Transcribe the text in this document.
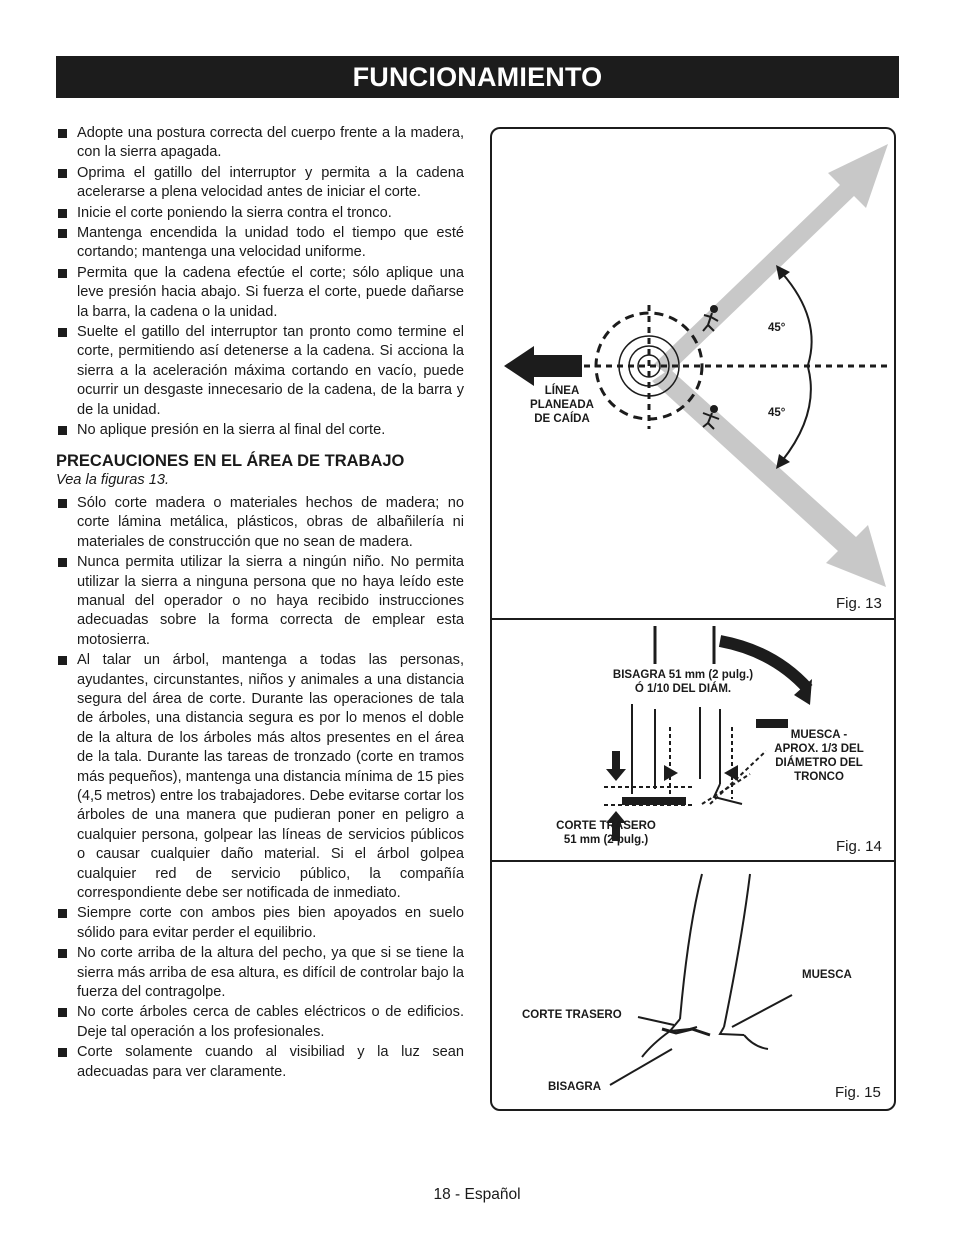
FUNCIONAMIENTO
Adopte una postura correcta del cuerpo frente a la madera, con la sierra apagada.
Oprima el gatillo del interruptor y permita a la cadena acelerarse a plena velocidad antes de iniciar el corte.
Inicie el corte poniendo la sierra contra el tronco.
Mantenga encendida la unidad todo el tiempo que esté cortando; mantenga una velocidad uniforme.
Permita que la cadena efectúe el corte; sólo aplique una leve presión hacia abajo. Si fuerza el corte, puede dañarse la barra, la cadena o la unidad.
Suelte el gatillo del interruptor tan pronto como termine el corte, permitiendo así detenerse a la cadena. Si acciona la sierra a la aceleración máxima cortando en vacío, puede ocurrir un desgaste innecesario de la cadena, de la barra y de la unidad.
No aplique presión en la sierra al final del corte.
PRECAUCIONES EN EL ÁREA DE TRABAJO

Vea la figuras 13.

Sólo corte madera o materiales hechos de madera; no corte lámina metálica, plásticos, obras de albañilería ni materiales de construcción que no sean de madera.
Nunca permita utilizar la sierra a ningún niño. No permita utilizar la sierra a ninguna persona que no haya leído este manual del operador o no haya recibido instrucciones adecuadas sobre la forma correcta de emplear esta motosierra.
Al talar un árbol, mantenga a todas las personas, ayudantes, circunstantes, niños y animales a una distancia segura del área de corte. Durante las operaciones de tala de árboles, una distancia segura es por lo menos el doble de la altura de los árboles más altos presentes en el área de la tala. Durante las tareas de tronzado (corte en tramos más pequeños), mantenga una distancia mínima de 15 pies (4,5 metros) entre los trabajadores. Debe evitarse cortar los árboles de una manera que pudieran poner en peligro a cualquier persona, golpear las líneas de servicios públicos o causar cualquier daño material. Si el árbol golpea cualquier red de servicio público, la compañía correspondiente debe ser notificada de inmediato.
Siempre corte con ambos pies bien apoyados en suelo sólido para evitar perder el equilibrio.
No corte arriba de la altura del pecho, ya que si se tiene la sierra más arriba de esa altura, es difícil de controlar bajo la fuerza del contragolpe.
No corte árboles cerca de cables eléctricos o de edificios. Deje tal operación a los profesionales.
Corte solamente cuando al visibiliad y la luz sean adecuadas para ver claramente.
45°
45°
LÍNEA
PLANEADA
DE CAÍDA
Fig. 13
BISAGRA 51 mm (2 pulg.)
Ó 1/10 DEL DIÁM.
MUESCA -
APROX. 1/3 DEL
DIÁMETRO DEL
TRONCO
CORTE TRASERO
51 mm (2 pulg.)	Fig. 14
MUESCA
CORTE TRASERO
BISAGRA	Fig. 15
18 - Español
